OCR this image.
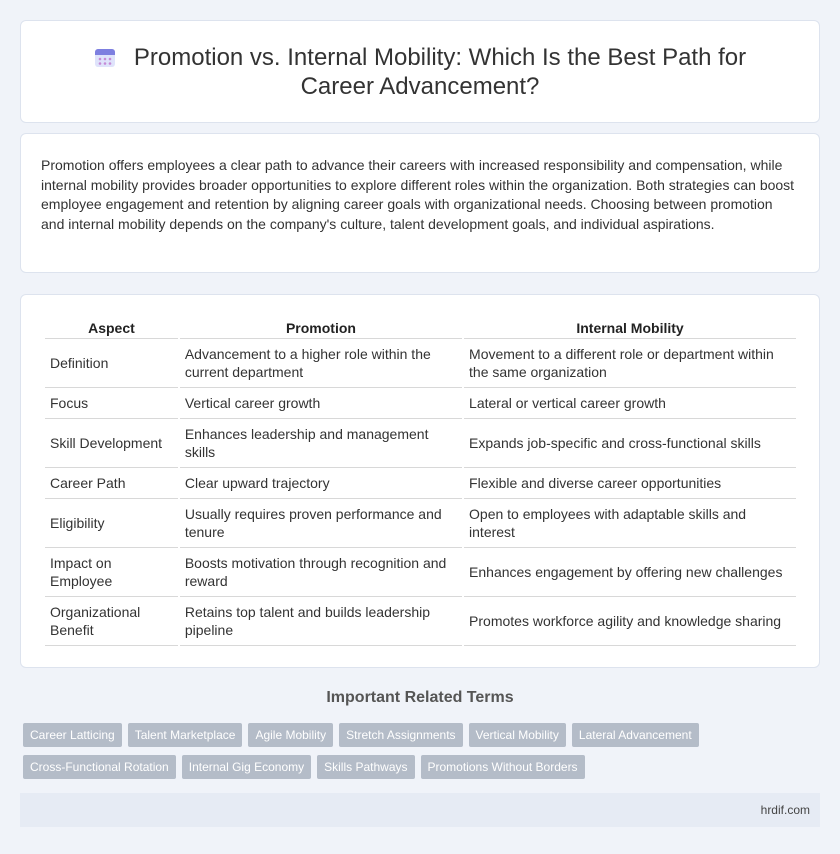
Promotion vs. Internal Mobility: Which Is the Best Path for Career Advancement?

Promotion offers employees a clear path to advance their careers with increased responsibility and compensation, while internal mobility provides broader opportunities to explore different roles within the organization. Both strategies can boost employee engagement and retention by aligning career goals with organizational needs. Choosing between promotion and internal mobility depends on the company's culture, talent development goals, and individual aspirations.

Aspect	Promotion	Internal Mobility
Definition	Advancement to a higher role within the current department	Movement to a different role or department within the same organization
Focus	Vertical career growth	Lateral or vertical career growth
Skill Development	Enhances leadership and management skills	Expands job-specific and cross-functional skills
Career Path	Clear upward trajectory	Flexible and diverse career opportunities
Eligibility	Usually requires proven performance and tenure	Open to employees with adaptable skills and interest
Impact on Employee	Boosts motivation through recognition and reward	Enhances engagement by offering new challenges
Organizational Benefit	Retains top talent and builds leadership pipeline	Promotes workforce agility and knowledge sharing
Important Related Terms
Career Latticing	Talent Marketplace	Agile Mobility	Stretch Assignments	Vertical Mobility	Lateral Advancement
Cross-Functional Rotation	Internal Gig Economy	Skills Pathways	Promotions Without Borders
hrdif.com
